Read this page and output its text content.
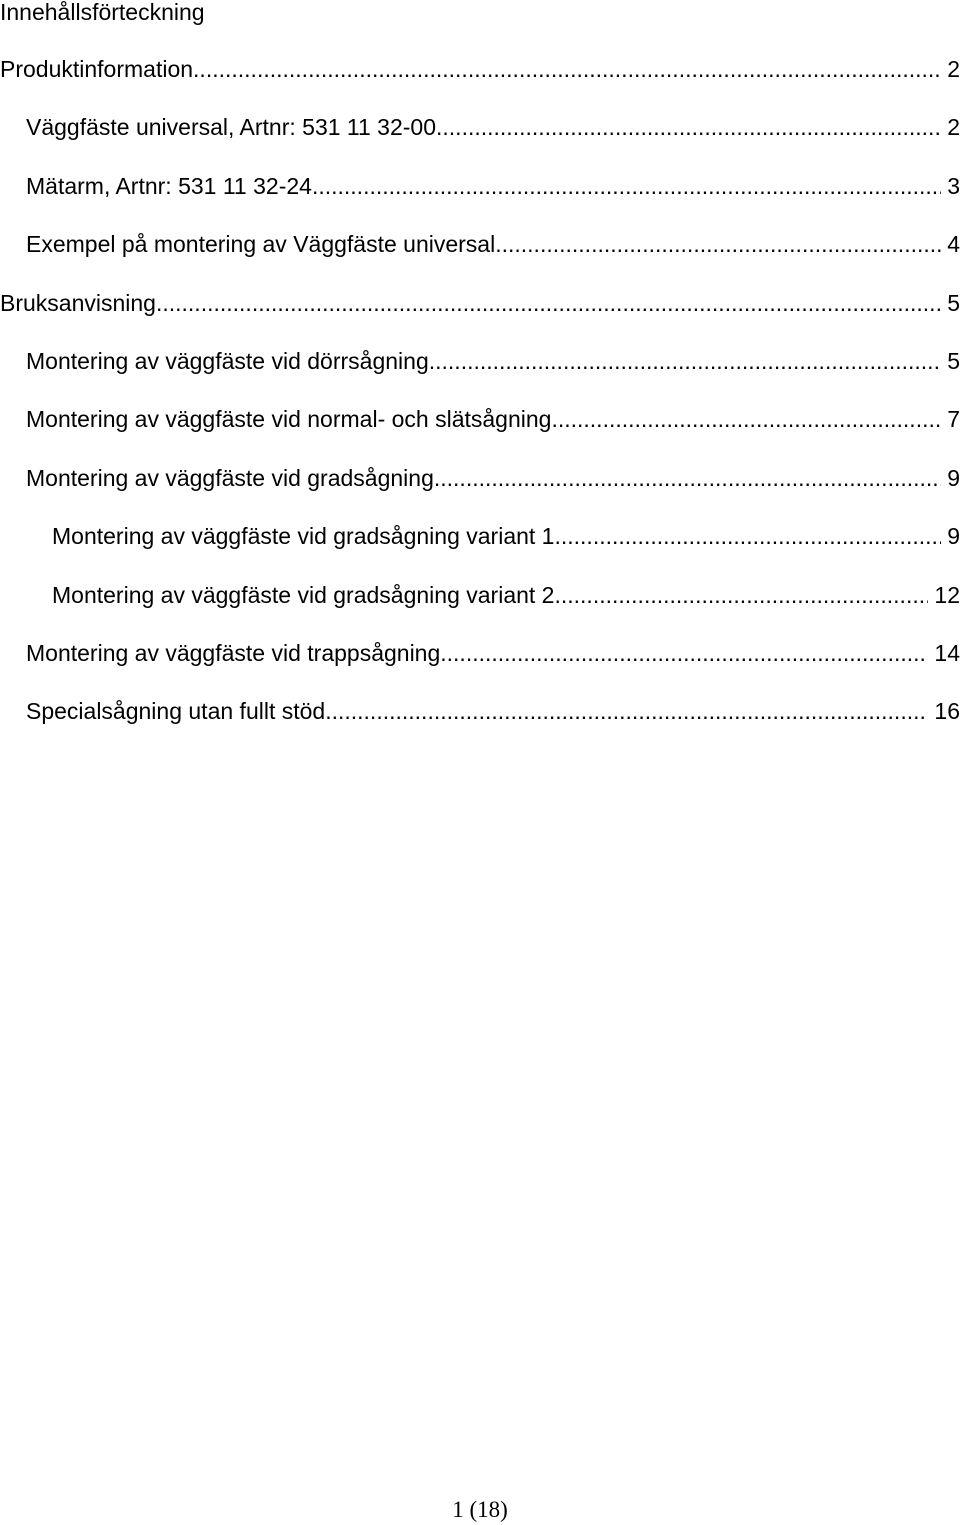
Innehållsförteckning
Produktinformation .....	2
Väggfäste universal, Artnr: 531 11 32-00 .....	2
Mätarm, Artnr: 531 11 32-24 .....	3
Exempel på montering av Väggfäste universal .....	4
Bruksanvisning .....	5
Montering av väggfäste vid dörrsågning .....	5
Montering av väggfäste vid normal- och slätsågning .....	7
Montering av väggfäste vid gradsågning .....	9
Montering av väggfäste vid gradsågning variant 1 .....	9
Montering av väggfäste vid gradsågning variant 2 .....	12
Montering av väggfäste vid trappsågning .....	14
Specialsågning utan fullt stöd .....	16
1 (18)
